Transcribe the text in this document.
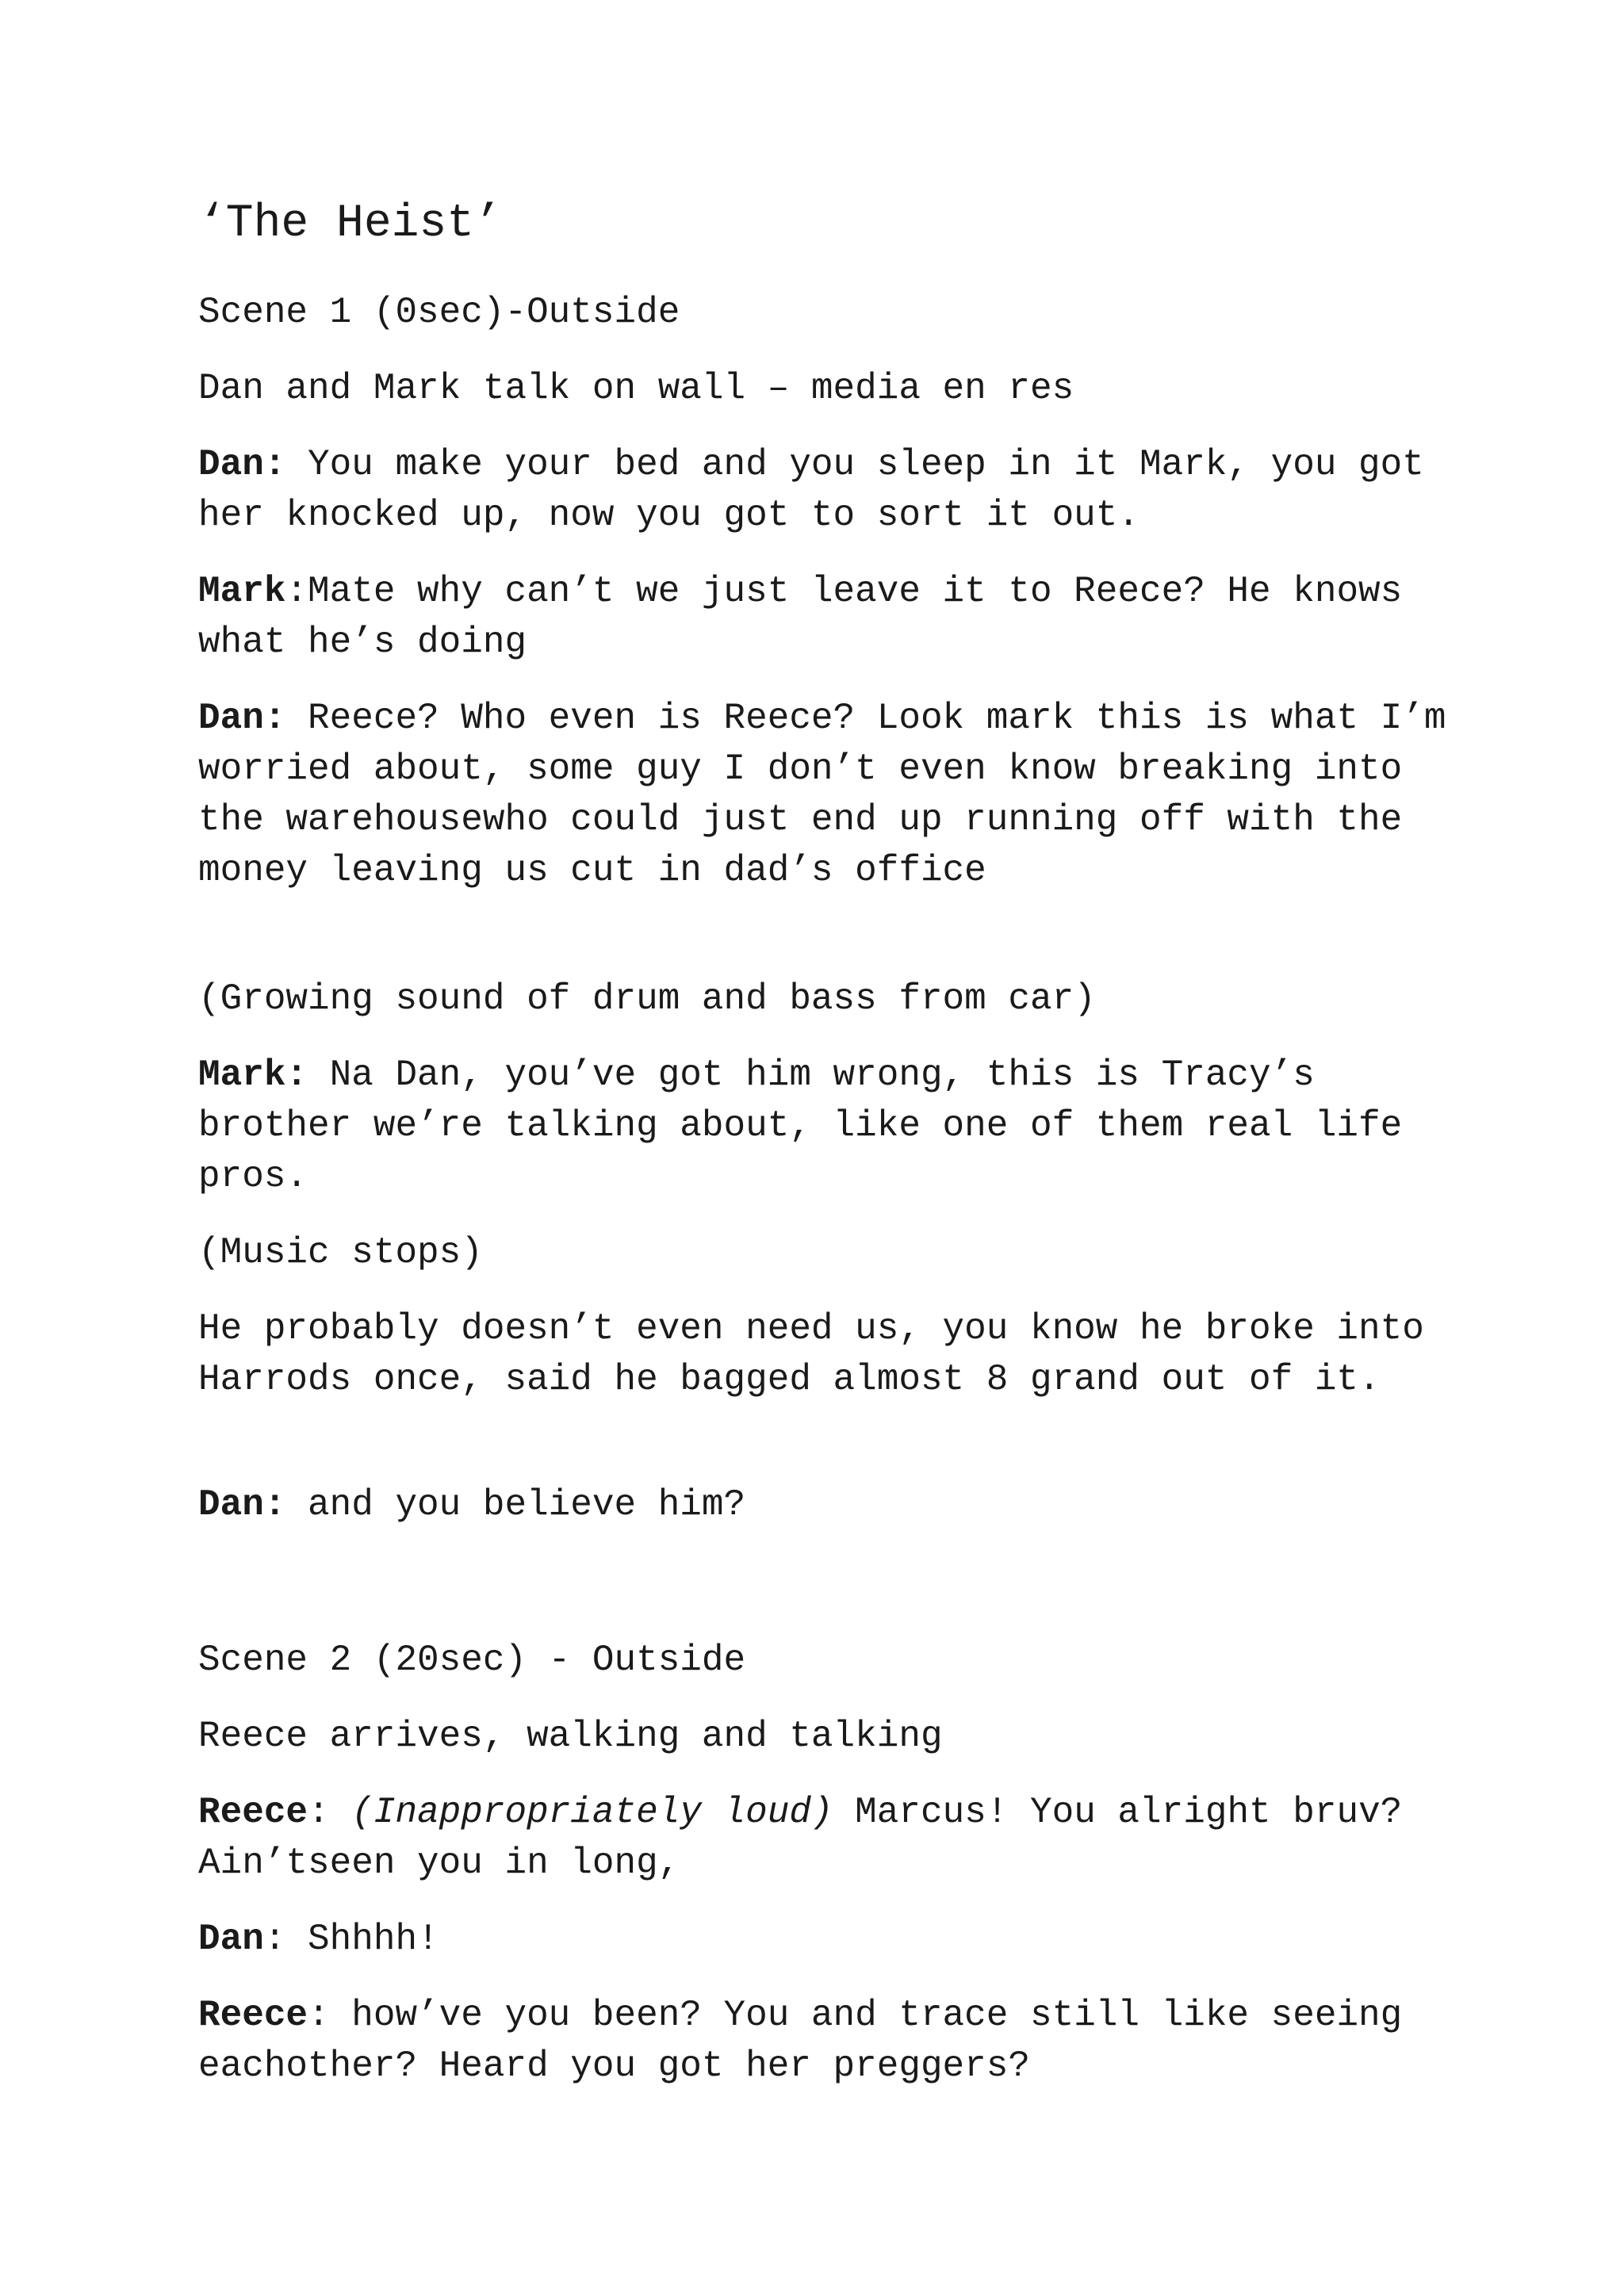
‘The Heist’

Scene 1 (0sec)-Outside

Dan and Mark talk on wall – media en res

Dan: You make your bed and you sleep in it Mark, you got her knocked up, now you got to sort it out.

Mark:Mate why can’t we just leave it to Reece? He knows what he’s doing

Dan: Reece? Who even is Reece? Look mark this is what I’m worried about, some guy I don’t even know breaking into the warehousewho could just end up running off with the money leaving us cut in dad’s office

(Growing sound of drum and bass from car)

Mark: Na Dan, you’ve got him wrong, this is Tracy’s brother we’re talking about, like one of them real life pros.

(Music stops)

He probably doesn’t even need us, you know he broke into Harrods once, said he bagged almost 8 grand out of it.

Dan: and you believe him?

Scene 2 (20sec) - Outside

Reece arrives, walking and talking

Reece: (Inappropriately loud) Marcus! You alright bruv? Ain’tseen you in long,

Dan: Shhhh!

Reece: how’ve you been? You and trace still like seeing eachother? Heard you got her preggers?
